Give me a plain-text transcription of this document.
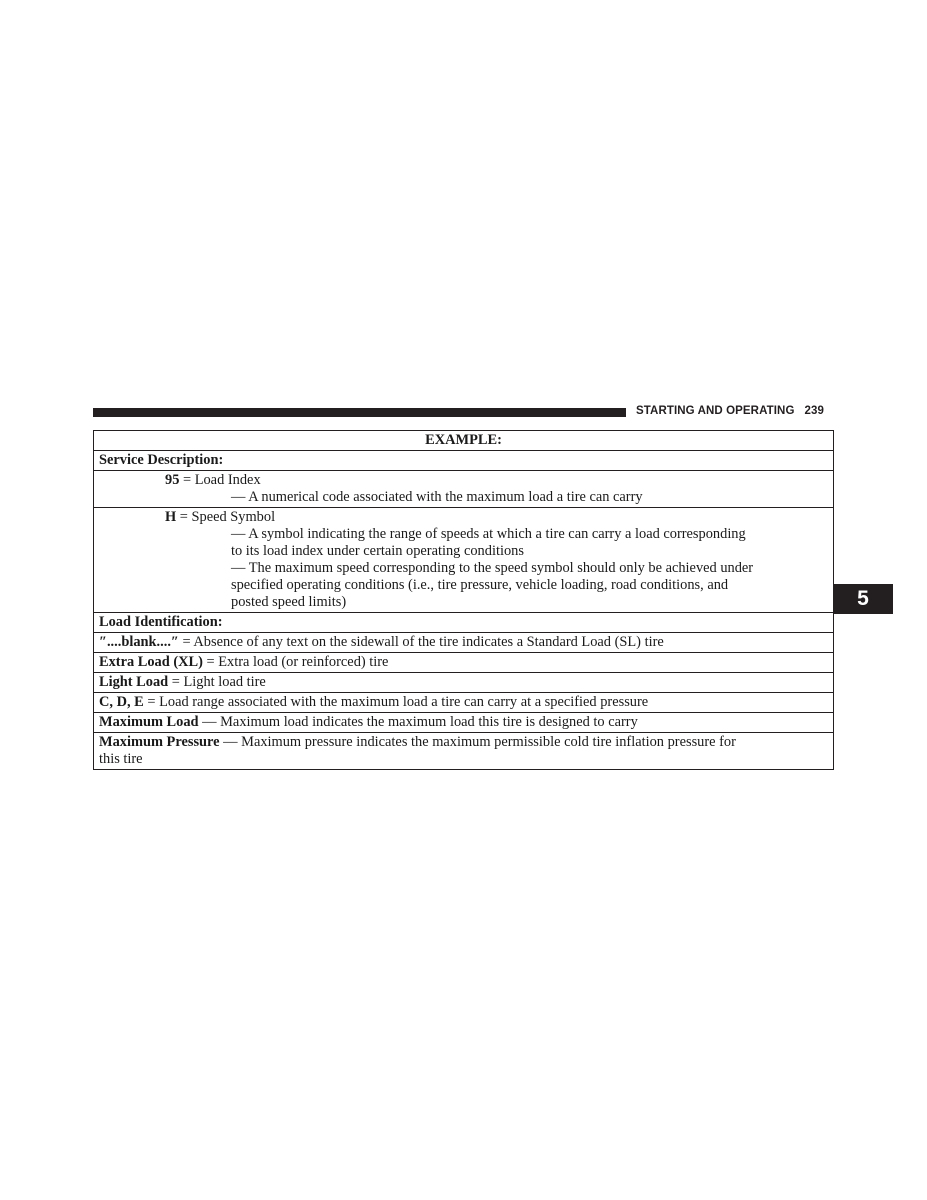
STARTING AND OPERATING 239
5
EXAMPLE:
Service Description:

95 = Load Index
— A numerical code associated with the maximum load a tire can carry

H = Speed Symbol
— A symbol indicating the range of speeds at which a tire can carry a load corresponding
to its load index under certain operating conditions
— The maximum speed corresponding to the speed symbol should only be achieved under
specified operating conditions (i.e., tire pressure, vehicle loading, road conditions, and
posted speed limits)

Load Identification:
″....blank....″ = Absence of any text on the sidewall of the tire indicates a Standard Load (SL) tire
Extra Load (XL) = Extra load (or reinforced) tire
Light Load = Light load tire
C, D, E = Load range associated with the maximum load a tire can carry at a specified pressure
Maximum Load — Maximum load indicates the maximum load this tire is designed to carry

Maximum Pressure — Maximum pressure indicates the maximum permissible cold tire inflation pressure for
this tire
